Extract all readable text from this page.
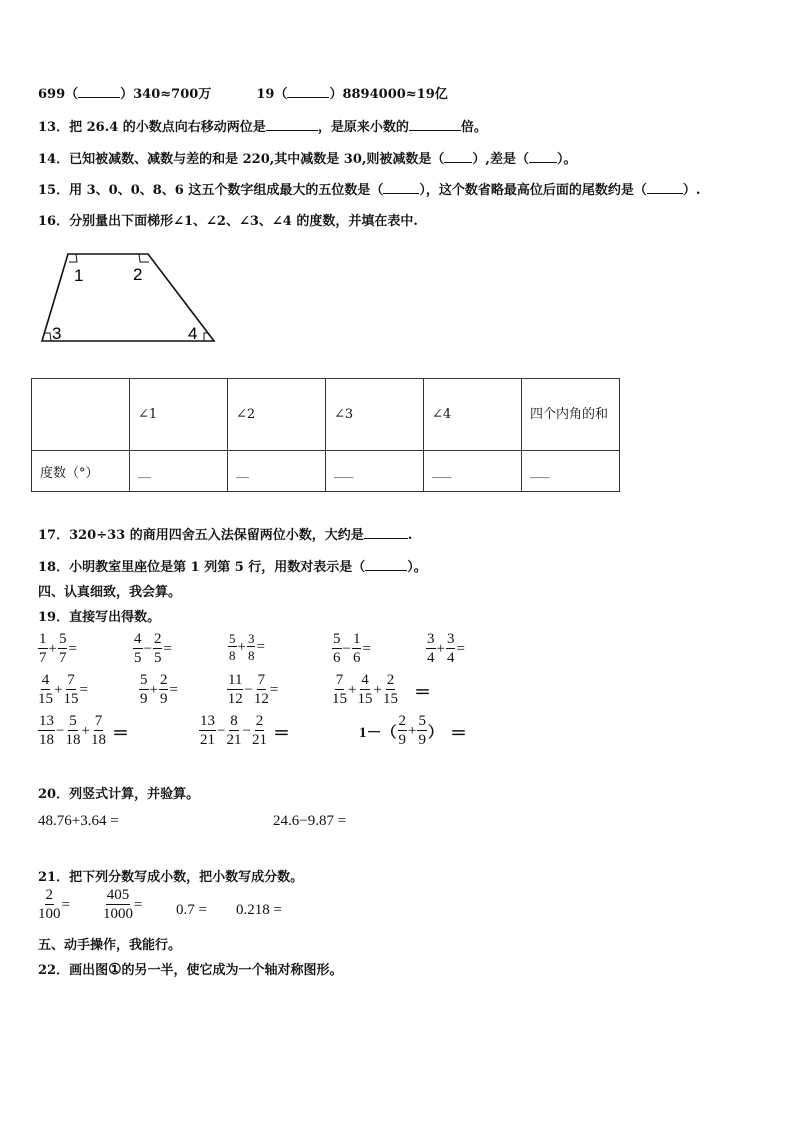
699（	）340≈700万	19（	）8894000≈19亿
13．把 26.4 的小数点向右移动两位是	，是原来小数的	倍。
14．已知被减数、减数与差的和是 220,其中减数是 30,则被减数是（ ）,差是（ ）。
15．用 3、0、0、8、6 这五个数字组成最大的五位数是（	），这个数省略最高位后面的尾数约是（	）.
16．分别量出下面梯形∠1、∠2、∠3、∠4 的度数，并填在表中.
1	2
3	4
	∠1	∠2	∠3	∠4	四个内角的和
度数（°）	__	__	___	___	___
17．320÷33 的商用四舍五入法保留两位小数，大约是	.
18．小明教室里座位是第 1 列第 5 行，用数对表示是（	）。
四、认真细致，我会算。
19．直接写出得数。
$\frac{1}{7} + \frac{5}{7}$ =	$\frac{4}{5} - \frac{2}{5}$ =	$\frac{5}{8} + \frac{3}{8}$ =	$\frac{5}{6} - \frac{1}{6}$ =	$\frac{3}{4} + \frac{3}{4}$ =
$\frac{4}{15} + \frac{7}{15}$ =	$\frac{5}{9} + \frac{2}{9}$ =	$\frac{11}{12} - \frac{7}{12}$ =	$\frac{7}{15} + \frac{4}{15} + \frac{2}{15}$ ＝
$\frac{13}{18} - \frac{5}{18} + \frac{7}{18}$ ＝	$\frac{13}{21} - \frac{8}{21} - \frac{2}{21}$ ＝	$1-( \frac{2}{9} + \frac{5}{9}$ ） ＝
20．列竖式计算，并验算。
48.76+3.64 =	24.6−9.87 =
21．把下列分数写成小数，把小数写成分数。
$\frac{2}{100} = \frac{405}{1000} = 0.7 = 0.218$ =
五、动手操作，我能行。
22．画出图①的另一半，使它成为一个轴对称图形。
